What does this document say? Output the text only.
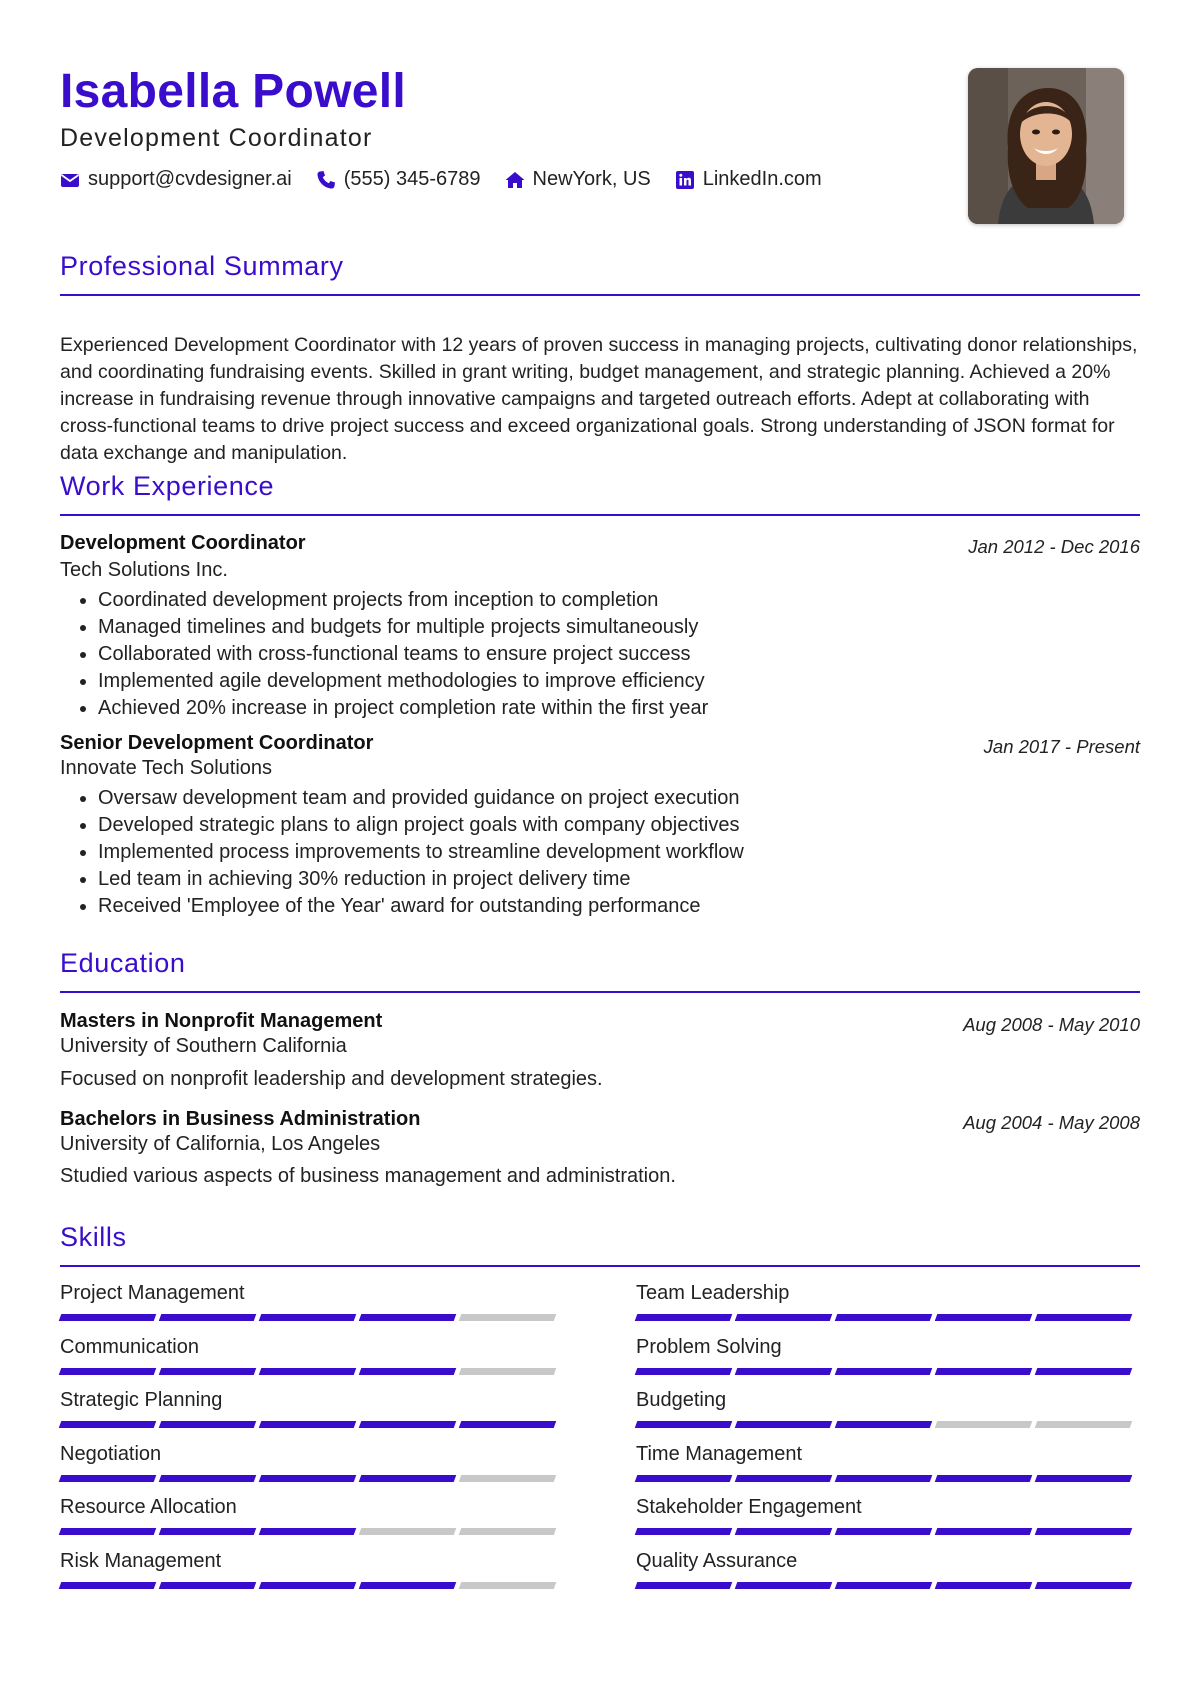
Isabella Powell

Development Coordinator

support@cvdesigner.ai	(555) 345-6789	NewYork, US	LinkedIn.com
Professional Summary

Experienced Development Coordinator with 12 years of proven success in managing projects, cultivating donor relationships, and coordinating fundraising events. Skilled in grant writing, budget management, and strategic planning. Achieved a 20% increase in fundraising revenue through innovative campaigns and targeted outreach efforts. Adept at collaborating with cross-functional teams to drive project success and exceed organizational goals. Strong understanding of JSON format for data exchange and manipulation.

Work Experience

Development Coordinator	Jan 2012 - Dec 2016

Tech Solutions Inc.

• Coordinated development projects from inception to completion
• Managed timelines and budgets for multiple projects simultaneously
• Collaborated with cross-functional teams to ensure project success
• Implemented agile development methodologies to improve efficiency
• Achieved 20% increase in project completion rate within the first year

Senior Development Coordinator	Jan 2017 - Present

Innovate Tech Solutions

• Oversaw development team and provided guidance on project execution
• Developed strategic plans to align project goals with company objectives
• Implemented process improvements to streamline development workflow
• Led team in achieving 30% reduction in project delivery time
• Received 'Employee of the Year' award for outstanding performance
Education

Masters in Nonprofit Management	Aug 2008 - May 2010

University of Southern California

Focused on nonprofit leadership and development strategies.

Bachelors in Business Administration	Aug 2004 - May 2008

University of California, Los Angeles

Studied various aspects of business management and administration.

Skills

Project Management	Team Leadership

Communication	Problem Solving

Strategic Planning	Budgeting

Negotiation	Time Management

Resource Allocation	Stakeholder Engagement

Risk Management	Quality Assurance
